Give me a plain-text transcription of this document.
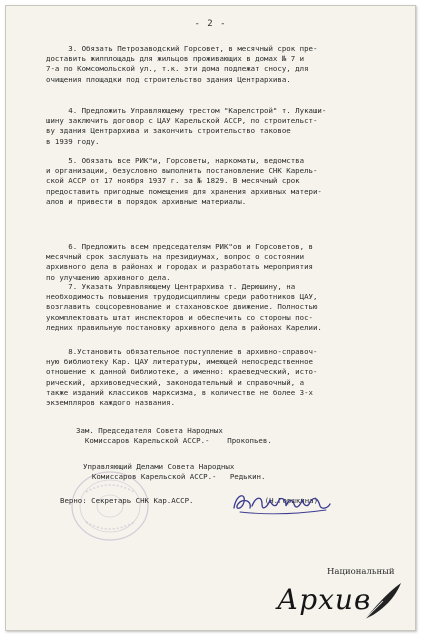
- 2 -
3. Обязать Петрозаводский Горсовет, в месячный срок пре-
доставить жилплощадь для жильцов проживающих в домах № 7 и
7-а по Комсомольской ул., т.к. эти дома подлежат сносу, для
очищения площадки под строительство здания Центрархива.
4. Предложить Управляющему трестом "Карелстрой" т. Лукаши-
шину заключить договор с ЦАУ Карельской АССР, по строительст-
ву здания Центрархива и закончить строительство таковое
в 1939 году.
5. Обязать все РИК"и, Горсоветы, наркоматы, ведомства
и организации, безусловно выполнить постановление СНК Карель-
ской АССР от 17 ноября 1937 г. за № 1829. В месячный срок
предоставить пригодные помещения для хранения архивных матери-
алов и привести в порядок архивные материалы.
6. Предложить всем председателям РИК"ов и Горсоветов, в
месячный срок заслушать на президиумах, вопрос о состоянии
архивного дела в районах и городах и разработать мероприятия
по улучшению архивного дела.
7. Указать Управляющему Центрархива т. Дерюшину, на
необходимость повышения трудодисциплины среди работников ЦАУ,
возглавить соцсоревнование и стахановское движение. Полностью
укомплектовать штат инспекторов и обеспечить со стороны пос-
ледних правильную постановку архивного дела в районах Карелии.
8.Установить обязательное поступление в архивно-справоч-
ную библиотеку Кар. ЦАУ литературы, имеющей непосредственное
отношение к данной библиотеке, а именно: краеведческий, исто-
рический, архивоведческий, законодательный и справочный, а
также изданий классиков марксизма, в количестве не более 3-х
экземпляров каждого названия.
Зам. Председателя Совета Народных
Комиссаров Карельской АССР.-    Прокопьев.
Управляющий Делами Совета Народных
Комиссаров Карельской АССР.-   Редькин.
Верно: Секретарь СНК Кар.АССР.                (Н.Горшкина)
Национальный
Архив
